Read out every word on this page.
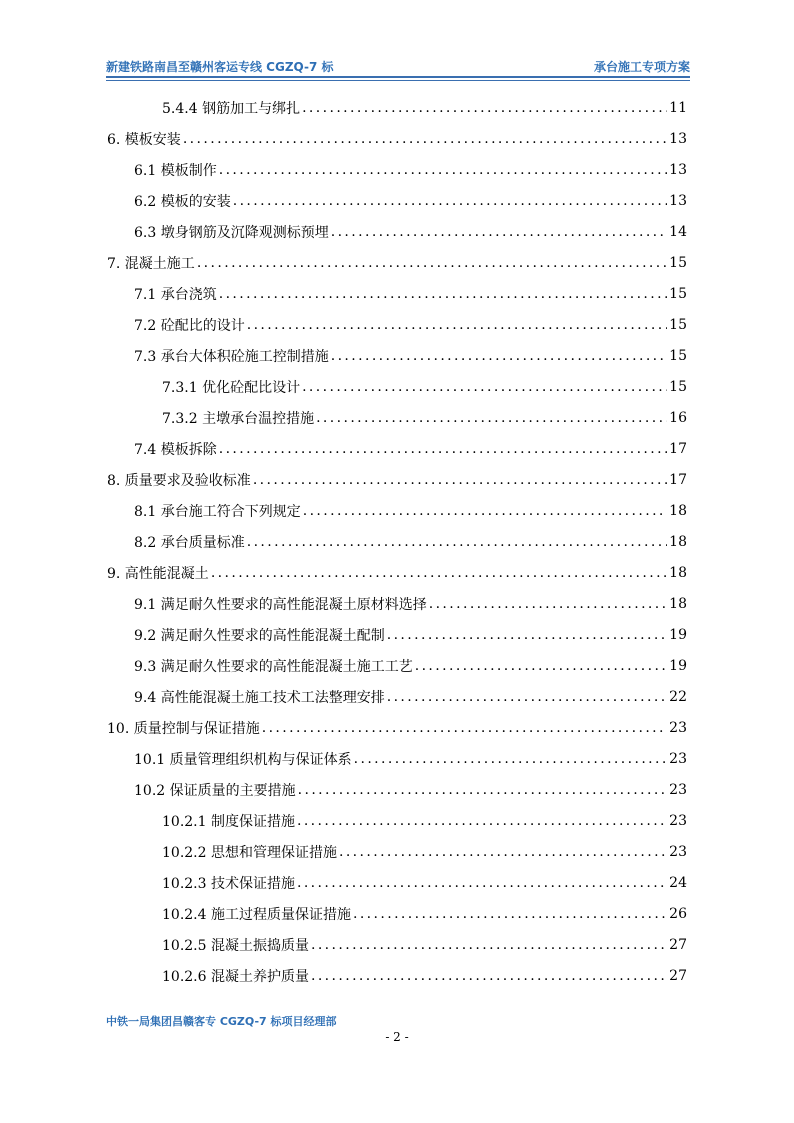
新建铁路南昌至赣州客运专线 CGZQ-7 标	承台施工专项方案
5.4.4 钢筋加工与绑扎 .....	11
6. 模板安装 .....	13
6.1 模板制作 .....	13
6.2 模板的安装 .....	13
6.3 墩身钢筋及沉降观测标预埋 .....	14
7. 混凝土施工 .....	15
7.1 承台浇筑 .....	15
7.2 砼配比的设计 .....	15
7.3 承台大体积砼施工控制措施 .....	15
7.3.1 优化砼配比设计 .....	15
7.3.2 主墩承台温控措施 .....	16
7.4 模板拆除 .....	17
8. 质量要求及验收标准 .....	17
8.1 承台施工符合下列规定 .....	18
8.2 承台质量标准 .....	18
9. 高性能混凝土 .....	18
9.1 满足耐久性要求的高性能混凝土原材料选择 .....	18
9.2 满足耐久性要求的高性能混凝土配制 .....	19
9.3 满足耐久性要求的高性能混凝土施工工艺 .....	19
9.4 高性能混凝土施工技术工法整理安排 .....	22
10. 质量控制与保证措施 .....	23
10.1 质量管理组织机构与保证体系 .....	23
10.2 保证质量的主要措施 .....	23
10.2.1 制度保证措施 .....	23
10.2.2 思想和管理保证措施 .....	23
10.2.3 技术保证措施 .....	24
10.2.4 施工过程质量保证措施 .....	26
10.2.5 混凝土振捣质量 .....	27
10.2.6 混凝土养护质量 .....	27
中铁一局集团昌赣客专 CGZQ-7 标项目经理部
- 2 -
